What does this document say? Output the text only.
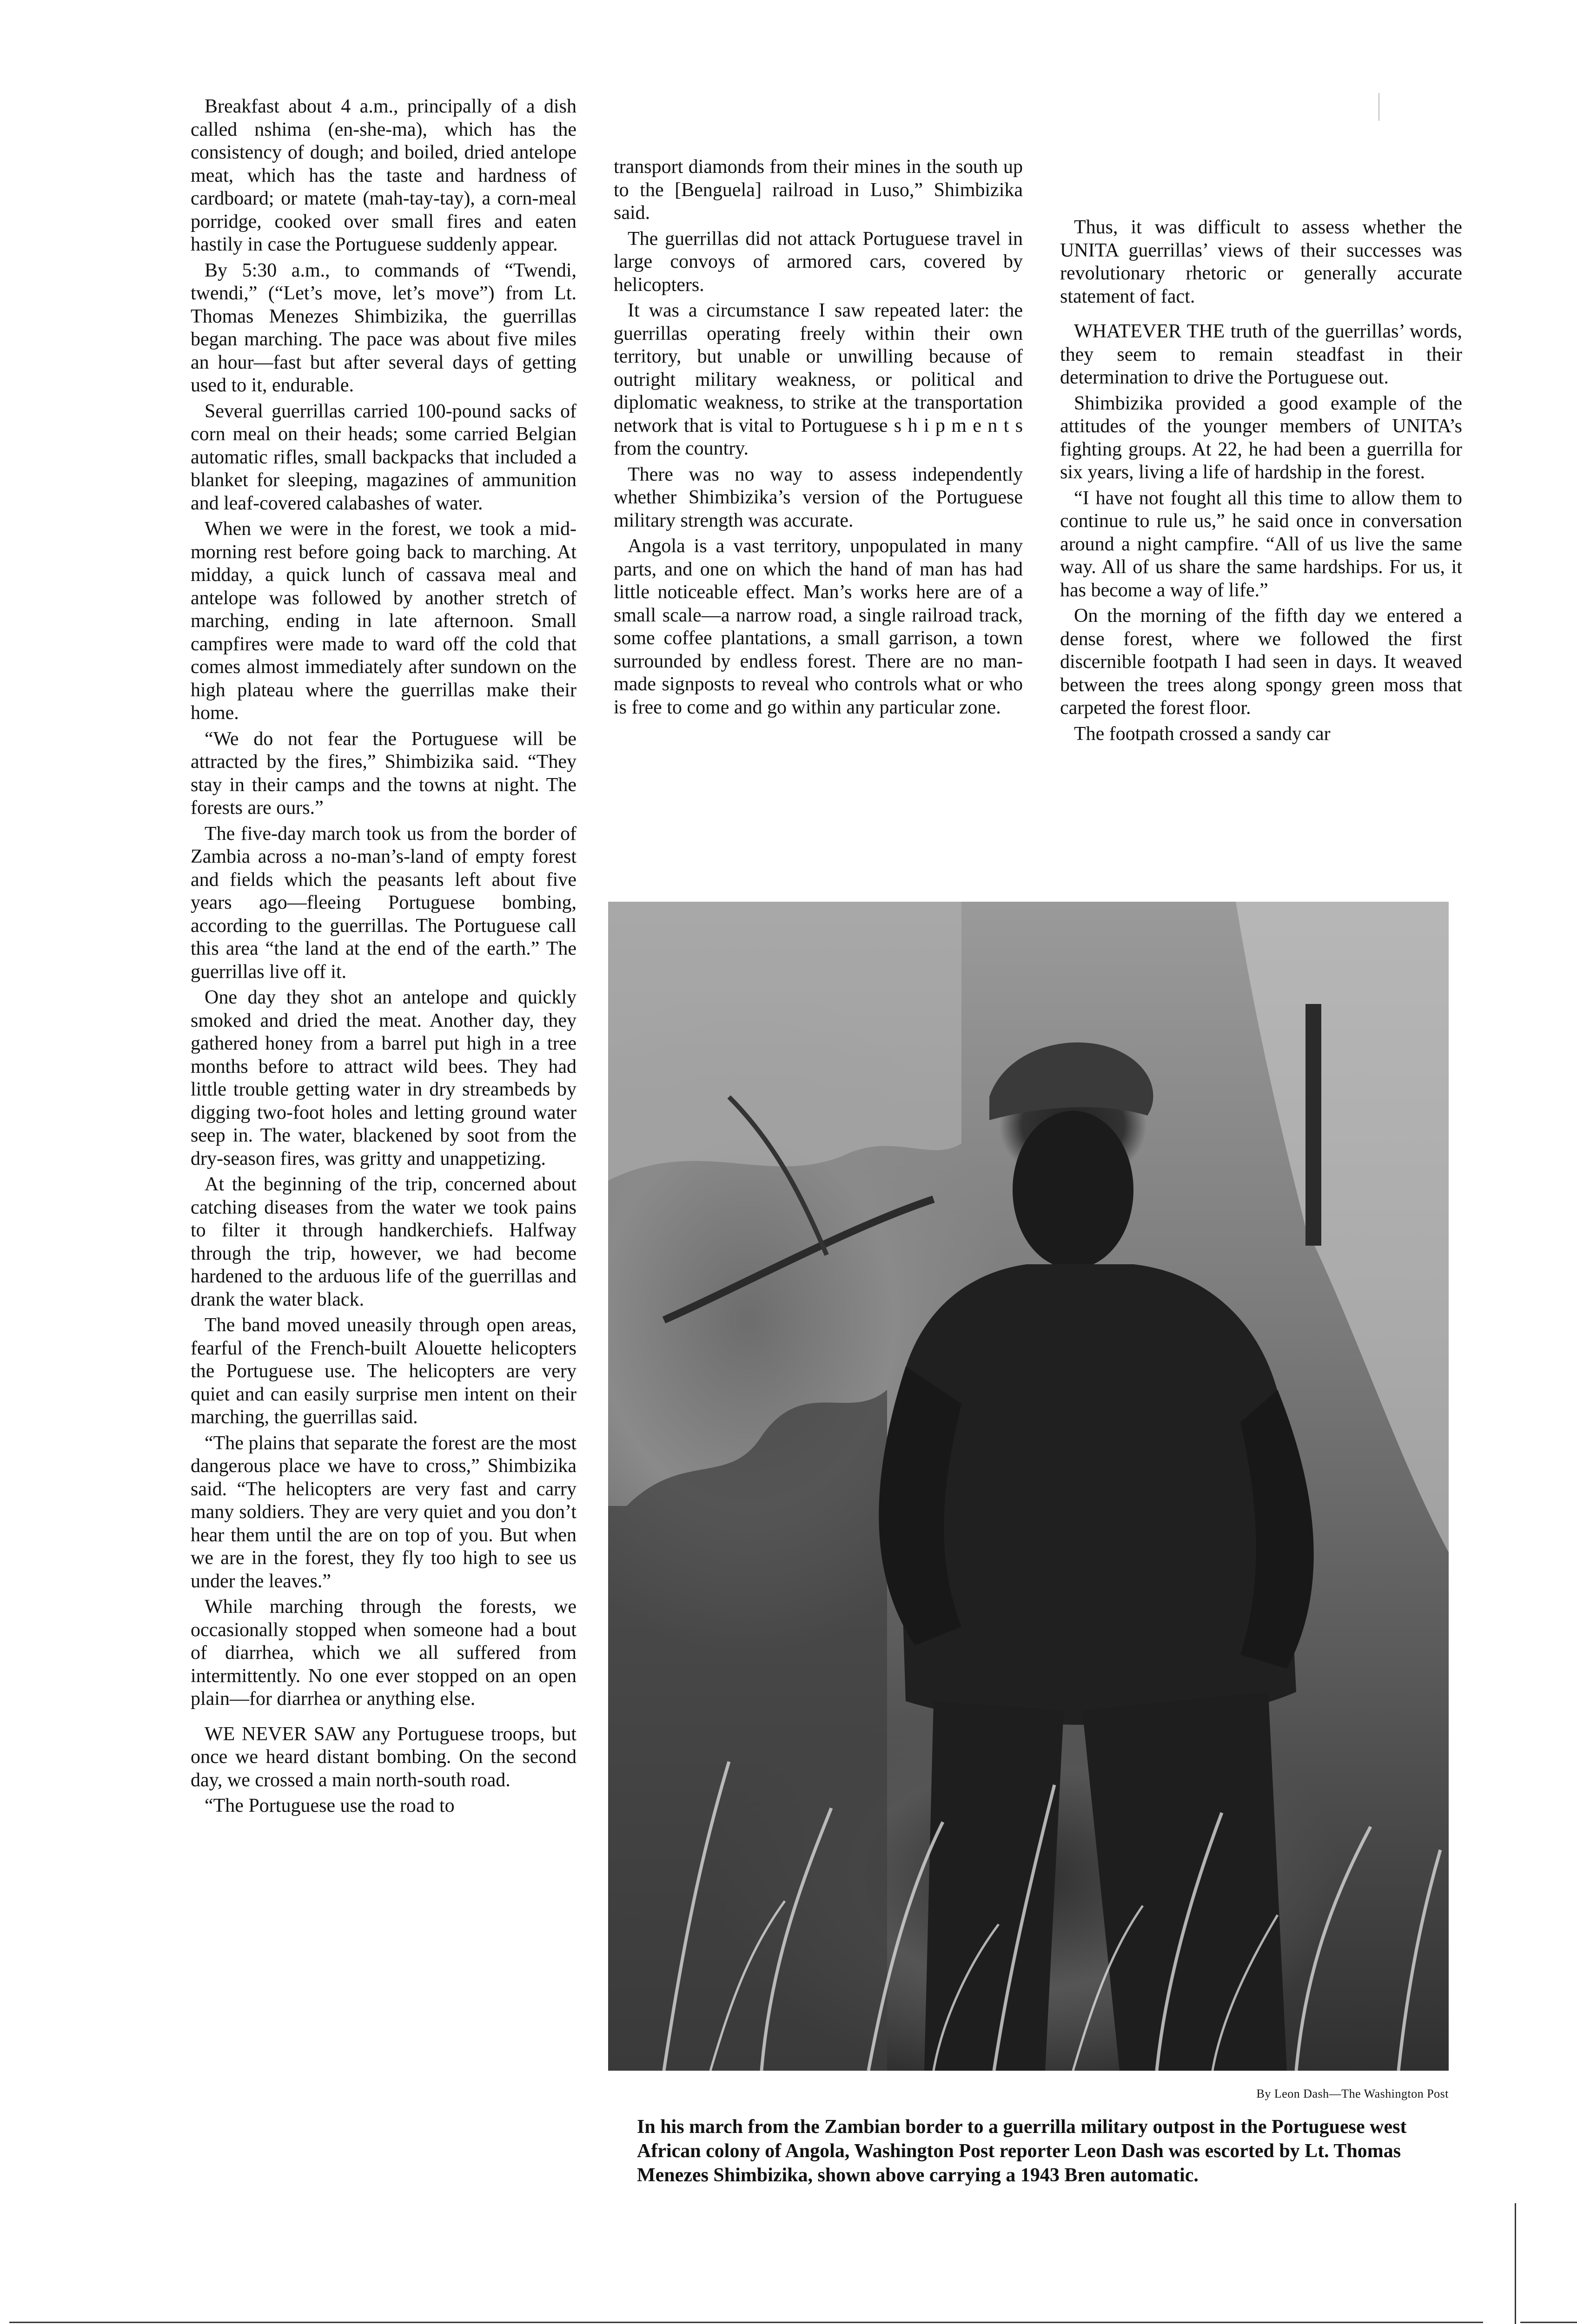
Breakfast about 4 a.m., principally of a dish called nshima (en-she-ma), which has the consistency of dough; and boiled, dried antelope meat, which has the taste and hardness of cardboard; or matete (mah-tay-tay), a corn-meal porridge, cooked over small fires and eaten hastily in case the Portuguese suddenly appear.

By 5:30 a.m., to commands of “Twendi, twendi,” (“Let’s move, let’s move”) from Lt. Thomas Menezes Shimbizika, the guerrillas began marching. The pace was about five miles an hour—fast but after several days of getting used to it, endurable.

Several guerrillas carried 100-pound sacks of corn meal on their heads; some carried Belgian automatic rifles, small backpacks that included a blanket for sleeping, magazines of ammunition and leaf-covered calabashes of water.

When we were in the forest, we took a mid-morning rest before going back to marching. At midday, a quick lunch of cassava meal and antelope was followed by another stretch of marching, ending in late afternoon. Small campfires were made to ward off the cold that comes almost immediately after sundown on the high plateau where the guerrillas make their home.

“We do not fear the Portuguese will be attracted by the fires,” Shimbizika said. “They stay in their camps and the towns at night. The forests are ours.”

The five-day march took us from the border of Zambia across a no-man’s-land of empty forest and fields which the peasants left about five years ago—fleeing Portuguese bombing, according to the guerrillas. The Portuguese call this area “the land at the end of the earth.” The guerrillas live off it.

One day they shot an antelope and quickly smoked and dried the meat. Another day, they gathered honey from a barrel put high in a tree months before to attract wild bees. They had little trouble getting water in dry streambeds by digging two-foot holes and letting ground water seep in. The water, blackened by soot from the dry-season fires, was gritty and unappetizing.

At the beginning of the trip, concerned about catching diseases from the water we took pains to filter it through handkerchiefs. Halfway through the trip, however, we had become hardened to the arduous life of the guerrillas and drank the water black.

The band moved uneasily through open areas, fearful of the French-built Alouette helicopters the Portuguese use. The helicopters are very quiet and can easily surprise men intent on their marching, the guerrillas said.

“The plains that separate the forest are the most dangerous place we have to cross,” Shimbizika said. “The helicopters are very fast and carry many soldiers. They are very quiet and you don’t hear them until the are on top of you. But when we are in the forest, they fly too high to see us under the leaves.”

While marching through the forests, we occasionally stopped when someone had a bout of diarrhea, which we all suffered from intermittently. No one ever stopped on an open plain—for diarrhea or anything else.

WE NEVER SAW any Portuguese troops, but once we heard distant bombing. On the second day, we crossed a main north-south road.

“The Portuguese use the road to

transport diamonds from their mines in the south up to the [Benguela] railroad in Luso,” Shimbizika said.

The guerrillas did not attack Portuguese travel in large convoys of armored cars, covered by helicopters.

It was a circumstance I saw repeated later: the guerrillas operating freely within their own territory, but unable or unwilling because of outright military weakness, or political and diplomatic weakness, to strike at the transportation network that is vital to Portuguese s h i p m e n t s from the country.

There was no way to assess independently whether Shimbizika’s version of the Portuguese military strength was accurate.

Angola is a vast territory, unpopulated in many parts, and one on which the hand of man has had little noticeable effect. Man’s works here are of a small scale—a narrow road, a single railroad track, some coffee plantations, a small garrison, a town surrounded by endless forest. There are no man-made signposts to reveal who controls what or who is free to come and go within any particular zone.

Thus, it was difficult to assess whether the UNITA guerrillas’ views of their successes was revolutionary rhetoric or generally accurate statement of fact.

WHATEVER THE truth of the guerrillas’ words, they seem to remain steadfast in their determination to drive the Portuguese out.

Shimbizika provided a good example of the attitudes of the younger members of UNITA’s fighting groups. At 22, he had been a guerrilla for six years, living a life of hardship in the forest.

“I have not fought all this time to allow them to continue to rule us,” he said once in conversation around a night campfire. “All of us live the same way. All of us share the same hardships. For us, it has become a way of life.”

On the morning of the fifth day we entered a dense forest, where we followed the first discernible footpath I had seen in days. It weaved between the trees along spongy green moss that carpeted the forest floor.

The footpath crossed a sandy car

By Leon Dash—The Washington Post

In his march from the Zambian border to a guerrilla military outpost in the Portuguese west African colony of Angola, Washington Post reporter Leon Dash was escorted by Lt. Thomas Menezes Shimbizika, shown above carrying a 1943 Bren automatic.
